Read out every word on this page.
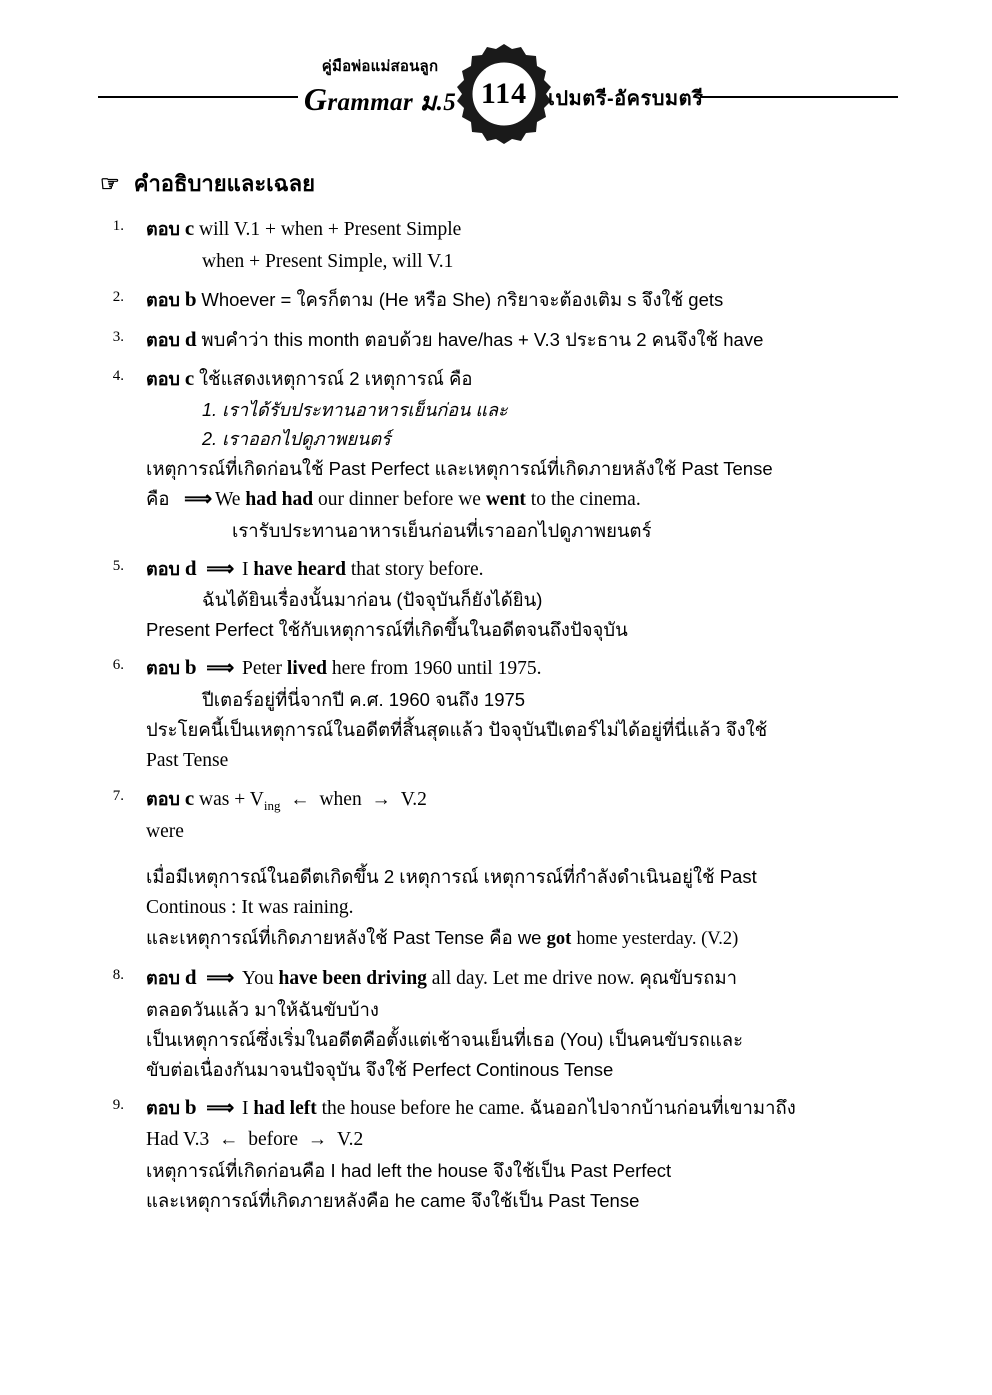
คู่มือพ่อแม่สอนลูก
Grammar ม.5 114	เปมตรี-อัครบมตรี
☞ คำอธิบายและเฉลย
1. ตอบ c will V.1 + when + Present Simple
when + Present Simple, will V.1
2. ตอบ b Whoever = ใครก็ตาม (He หรือ She) กริยาจะต้องเติม s จึงใช้ gets
3. ตอบ d พบคำว่า this month ตอบด้วย have/has + V.3 ประธาน 2 คนจึงใช้ have
4. ตอบ c ใช้แสดงเหตุการณ์ 2 เหตุการณ์ คือ
1. เราได้รับประทานอาหารเย็นก่อน และ
2. เราออกไปดูภาพยนตร์
เหตุการณ์ที่เกิดก่อนใช้ Past Perfect และเหตุการณ์ที่เกิดภายหลังใช้ Past Tense
คือ ⟹ We had had our dinner before we went to the cinema.
เรารับประทานอาหารเย็นก่อนที่เราออกไปดูภาพยนตร์
5. ตอบ d ⟹ I have heard that story before.
ฉันได้ยินเรื่องนั้นมาก่อน (ปัจจุบันก็ยังได้ยิน)
Present Perfect ใช้กับเหตุการณ์ที่เกิดขึ้นในอดีตจนถึงปัจจุบัน
6. ตอบ b ⟹ Peter lived here from 1960 until 1975.
ปีเตอร์อยู่ที่นี่จากปี ค.ศ. 1960 จนถึง 1975
ประโยคนี้เป็นเหตุการณ์ในอดีตที่สิ้นสุดแล้ว ปัจจุบันปีเตอร์ไม่ได้อยู่ที่นี่แล้ว จึงใช้
Past Tense
7. ตอบ c was + $V_{ing}$  ←  when  →  V.2
were
เมื่อมีเหตุการณ์ในอดีตเกิดขึ้น 2 เหตุการณ์ เหตุการณ์ที่กำลังดำเนินอยู่ใช้ Past
Continous : It was raining.
และเหตุการณ์ที่เกิดภายหลังใช้ Past Tense คือ we got home yesterday. (V.2)
8. ตอบ d ⟹ You have been driving all day. Let me drive now. คุณขับรถมา
ตลอดวันแล้ว มาให้ฉันขับบ้าง
เป็นเหตุการณ์ซึ่งเริ่มในอดีตคือตั้งแต่เช้าจนเย็นที่เธอ (You) เป็นคนขับรถและ
ขับต่อเนื่องกันมาจนปัจจุบัน จึงใช้ Perfect Continous Tense
9. ตอบ b ⟹ I had left the house before he came. ฉันออกไปจากบ้านก่อนที่เขามาถึง
Had V.3  ←  before  →  V.2
เหตุการณ์ที่เกิดก่อนคือ I had left the house จึงใช้เป็น Past Perfect
และเหตุการณ์ที่เกิดภายหลังคือ he came จึงใช้เป็น Past Tense
